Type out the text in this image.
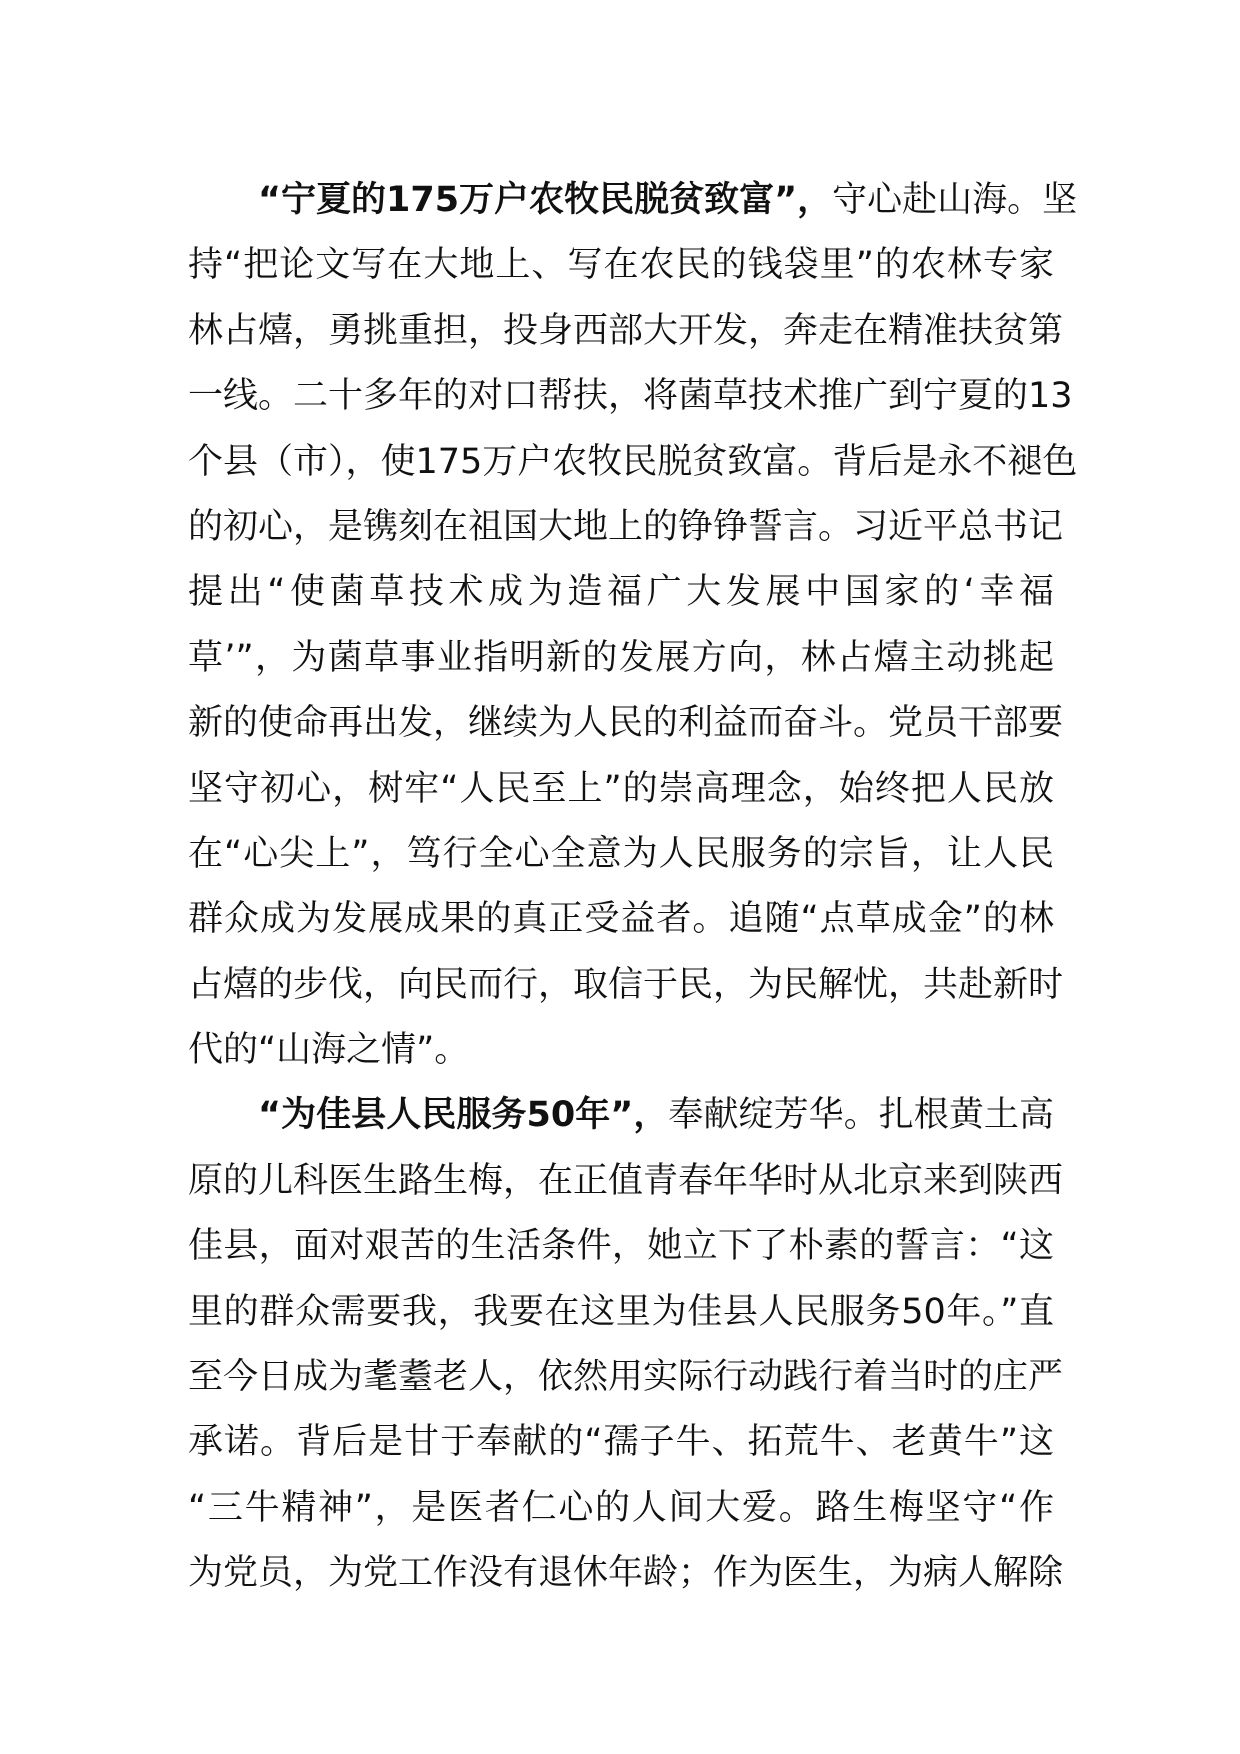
“宁夏的175万户农牧民脱贫致富”，守心赴山海。坚
持“把论文写在大地上、写在农民的钱袋里”的农林专家
林占熺，勇挑重担，投身西部大开发，奔走在精准扶贫第
一线。二十多年的对口帮扶，将菌草技术推广到宁夏的13
个县（市），使175万户农牧民脱贫致富。背后是永不褪色
的初心，是镌刻在祖国大地上的铮铮誓言。习近平总书记
提出“使菌草技术成为造福广大发展中国家的‘幸福
草’”，为菌草事业指明新的发展方向，林占熺主动挑起
新的使命再出发，继续为人民的利益而奋斗。党员干部要
坚守初心，树牢“人民至上”的崇高理念，始终把人民放
在“心尖上”，笃行全心全意为人民服务的宗旨，让人民
群众成为发展成果的真正受益者。追随“点草成金”的林
占熺的步伐，向民而行，取信于民，为民解忧，共赴新时
代的“山海之情”。
“为佳县人民服务50年”，奉献绽芳华。扎根黄土高
原的儿科医生路生梅，在正值青春年华时从北京来到陕西
佳县，面对艰苦的生活条件，她立下了朴素的誓言：“这
里的群众需要我，我要在这里为佳县人民服务50年。”直
至今日成为耄耋老人，依然用实际行动践行着当时的庄严
承诺。背后是甘于奉献的“孺子牛、拓荒牛、老黄牛”这
“三牛精神”，是医者仁心的人间大爱。路生梅坚守“作
为党员，为党工作没有退休年龄；作为医生，为病人解除
